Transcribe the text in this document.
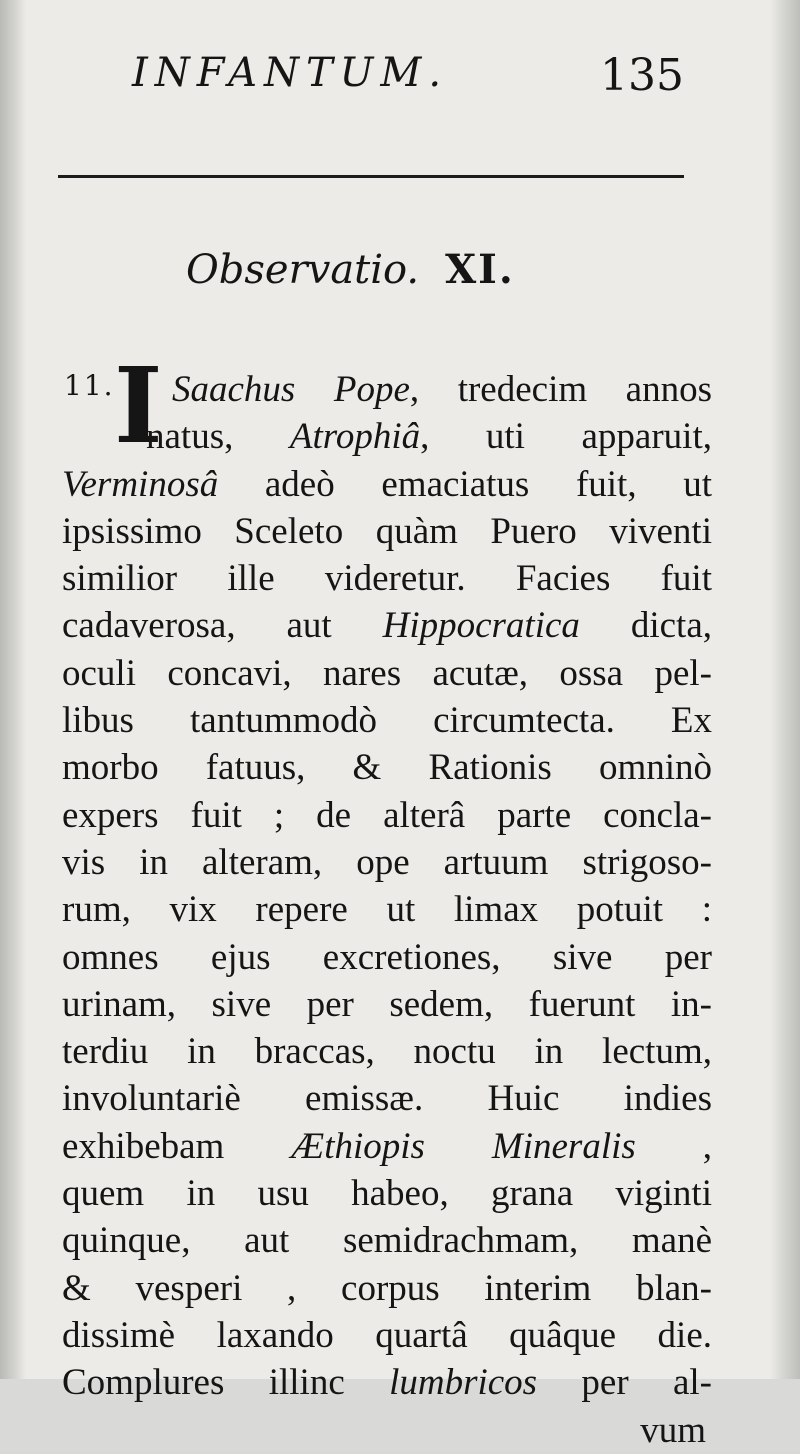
INFANTUM.	135
Observatio. XI.
11. I Saachus Pope, tredecim annos
natus, Atrophiâ, uti apparuit,
Verminosâ adeò emaciatus fuit, ut
ipsissimo Sceleto quàm Puero viventi
similior ille videretur. Facies fuit
cadaverosa, aut Hippocratica dicta,
oculi concavi, nares acutæ, ossa pel-
libus tantummodò circumtecta. Ex
morbo fatuus, & Rationis omninò
expers fuit ; de alterâ parte concla-
vis in alteram, ope artuum strigoso-
rum, vix repere ut limax potuit :
omnes ejus excretiones, sive per
urinam, sive per sedem, fuerunt in-
terdiu in braccas, noctu in lectum,
involuntariè emissæ. Huic indies
exhibebam Æthiopis Mineralis ,
quem in usu habeo, grana viginti
quinque, aut semidrachmam, manè
& vesperi , corpus interim blan-
dissimè laxando quartâ quâque die.
Complures illinc lumbricos per al-
vum
